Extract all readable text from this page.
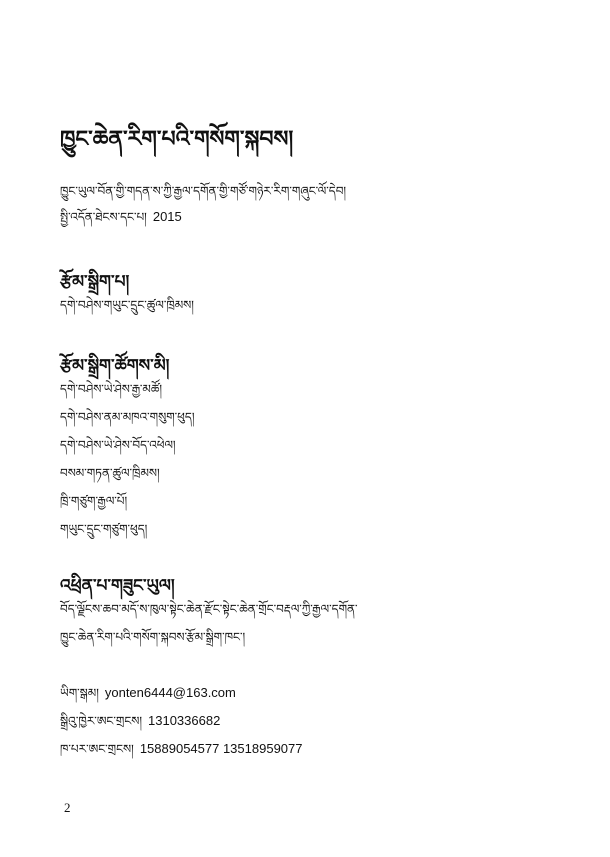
ཁྱུང་ཆེན་རིག་པའི་གསོག་སྐབས།
ཁྱུང་ཡུལ་བོན་གྱི་གདན་ས་ཀྱི་རྒྱལ་དགོན་གྱི་གཙོ་གཉེར་རིག་གཞུང་ལོ་དེབ།
སྤྱི་འདོན་ཐེངས་དང་པ། 2015
རྩོམ་སྒྲིག་པ།
དགེ་བཤེས་གཡུང་དྲུང་ཚུལ་ཁྲིམས།
རྩོམ་སྒྲིག་ཚོགས་མི།
དགེ་བཤེས་ཡེ་ཤེས་རྒྱ་མཚོ།
དགེ་བཤེས་ནམ་མཁའ་གསུག་ཕུད།
དགེ་བཤེས་ཡེ་ཤེས་བོད་འཕེལ།
བསམ་གཏན་ཚུལ་ཁྲིམས།
ཁྲི་གཙུག་རྒྱལ་པོ།
གཡུང་དྲུང་གཙུག་ཕུད།
འཕྲིན་པ་གཟུང་ཡུལ།
བོད་ལྗོངས་ཆབ་མདོ་ས་ཁུལ་སྟེང་ཆེན་རྫོང་སྟེང་ཆེན་གྲོང་བརྡལ་ཀྱི་རྒྱལ་དགོན་
ཁྱུང་ཆེན་རིག་པའི་གསོག་སྐབས་རྩོམ་སྒྲིག་ཁང་།
ཡིག་སྒམ། yonten6444@163.com
སྒྲིའུ་ཁྱེར་ཨང་གྲངས། 1310336682
ཁ་པར་ཨང་གྲངས། 15889054577 13518959077
2
